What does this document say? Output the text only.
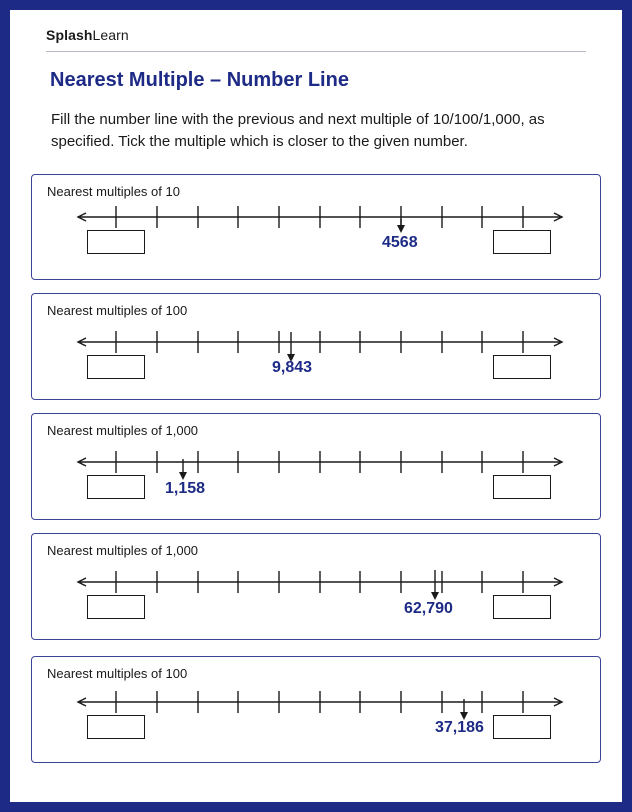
SplashLearn
Nearest Multiple – Number Line
Fill the number line with the previous and next multiple of 10/100/1,000, as specified. Tick the multiple which is closer to the given number.
Nearest multiples of 10
4568
Nearest multiples of 100
9,843
Nearest multiples of 1,000
1,158
Nearest multiples of 1,000
62,790
Nearest multiples of 100
37,186
